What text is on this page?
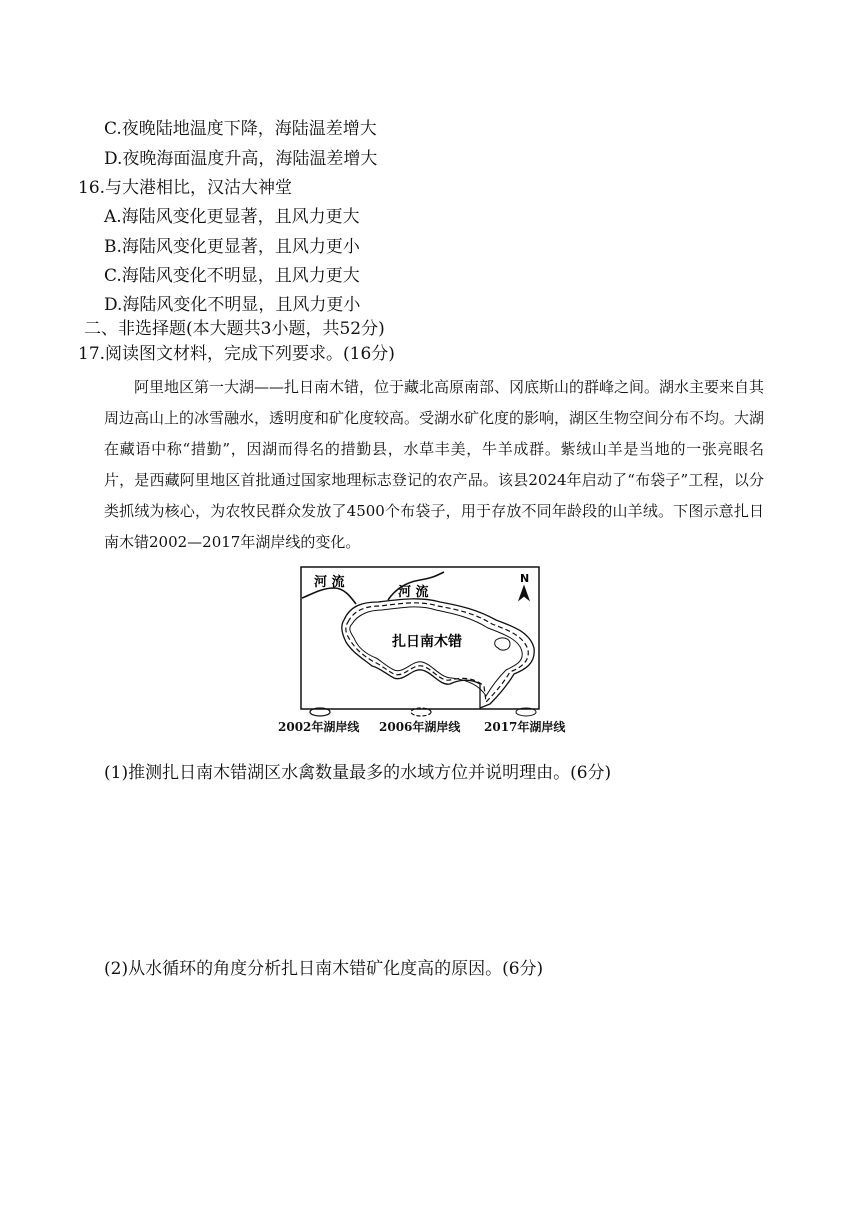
C.夜晚陆地温度下降，海陆温差增大
D.夜晚海面温度升高，海陆温差增大
16.与大港相比，汉沽大神堂
A.海陆风变化更显著，且风力更大
B.海陆风变化更显著，且风力更小
C.海陆风变化不明显，且风力更大
D.海陆风变化不明显，且风力更小
二、非选择题(本大题共3小题，共52分)
17.阅读图文材料，完成下列要求。(16分)
阿里地区第一大湖——扎日南木错，位于藏北高原南部、冈底斯山的群峰之间。湖水主要来自其周边高山上的冰雪融水，透明度和矿化度较高。受湖水矿化度的影响，湖区生物空间分布不均。大湖在藏语中称“措勤”，因湖而得名的措勤县，水草丰美，牛羊成群。紫绒山羊是当地的一张亮眼名片，是西藏阿里地区首批通过国家地理标志登记的农产品。该县2024年启动了“布袋子”工程，以分类抓绒为核心，为农牧民群众发放了4500个布袋子，用于存放不同年龄段的山羊绒。下图示意扎日南木错2002—2017年湖岸线的变化。
河 流
河 流
扎日南木错
N
2002年湖岸线 2006年湖岸线 2017年湖岸线
(1)推测扎日南木错湖区水禽数量最多的水域方位并说明理由。(6分)
(2)从水循环的角度分析扎日南木错矿化度高的原因。(6分)
